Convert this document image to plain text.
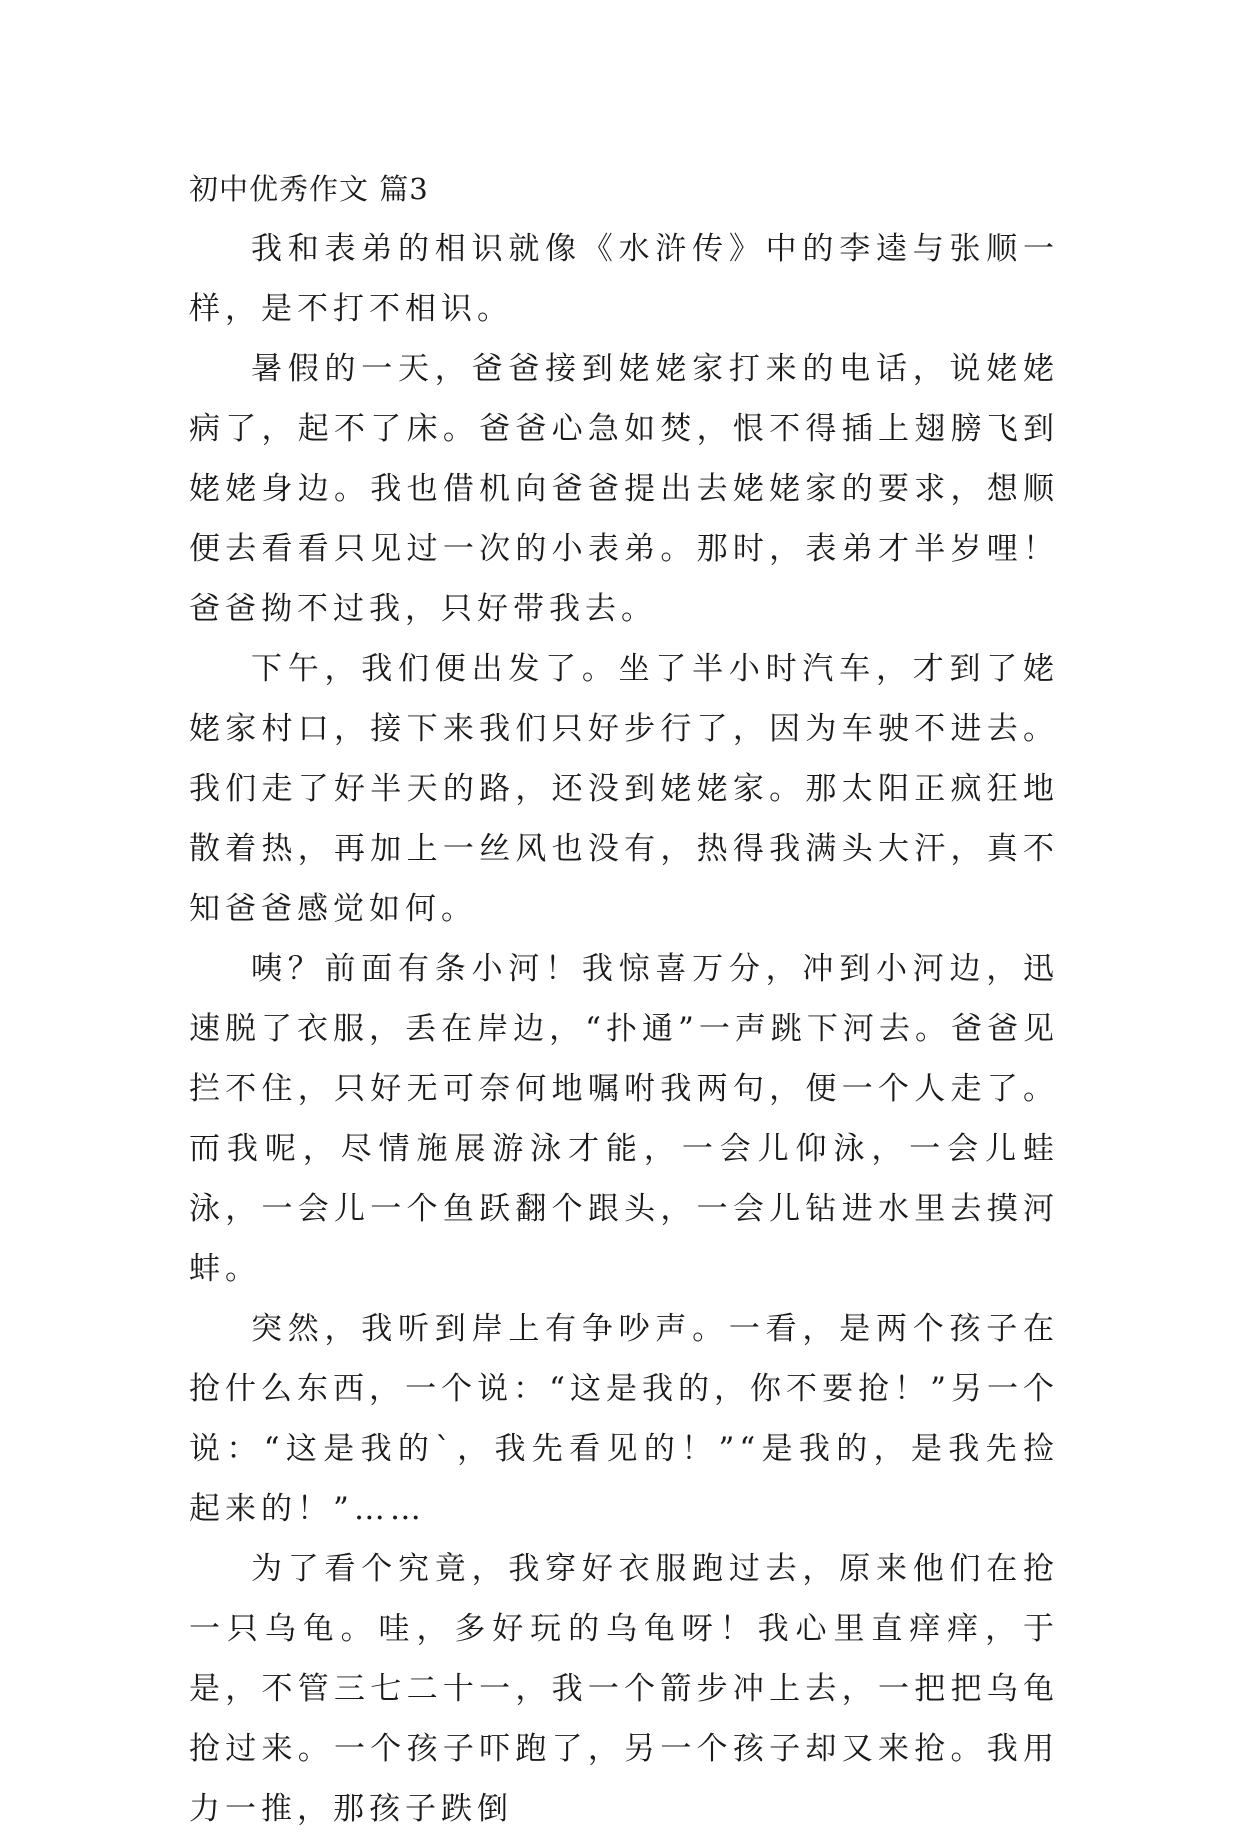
初中优秀作文 篇3

我和表弟的相识就像《水浒传》中的李逵与张顺一样，是不打不相识。

暑假的一天，爸爸接到姥姥家打来的电话，说姥姥病了，起不了床。爸爸心急如焚，恨不得插上翅膀飞到姥姥身边。我也借机向爸爸提出去姥姥家的要求，想顺便去看看只见过一次的小表弟。那时，表弟才半岁哩！爸爸拗不过我，只好带我去。

下午，我们便出发了。坐了半小时汽车，才到了姥姥家村口，接下来我们只好步行了，因为车驶不进去。我们走了好半天的路，还没到姥姥家。那太阳正疯狂地散着热，再加上一丝风也没有，热得我满头大汗，真不知爸爸感觉如何。

咦？前面有条小河！我惊喜万分，冲到小河边，迅速脱了衣服，丢在岸边，“扑通”一声跳下河去。爸爸见拦不住，只好无可奈何地嘱咐我两句，便一个人走了。而我呢，尽情施展游泳才能，一会儿仰泳，一会儿蛙泳，一会儿一个鱼跃翻个跟头，一会儿钻进水里去摸河蚌。

突然，我听到岸上有争吵声。一看，是两个孩子在抢什么东西，一个说：“这是我的，你不要抢！”另一个说：“这是我的`，我先看见的！”“是我的，是我先捡起来的！”……

为了看个究竟，我穿好衣服跑过去，原来他们在抢一只乌龟。哇，多好玩的乌龟呀！我心里直痒痒，于是，不管三七二十一，我一个箭步冲上去，一把把乌龟抢过来。一个孩子吓跑了，另一个孩子却又来抢。我用力一推，那孩子跌倒
